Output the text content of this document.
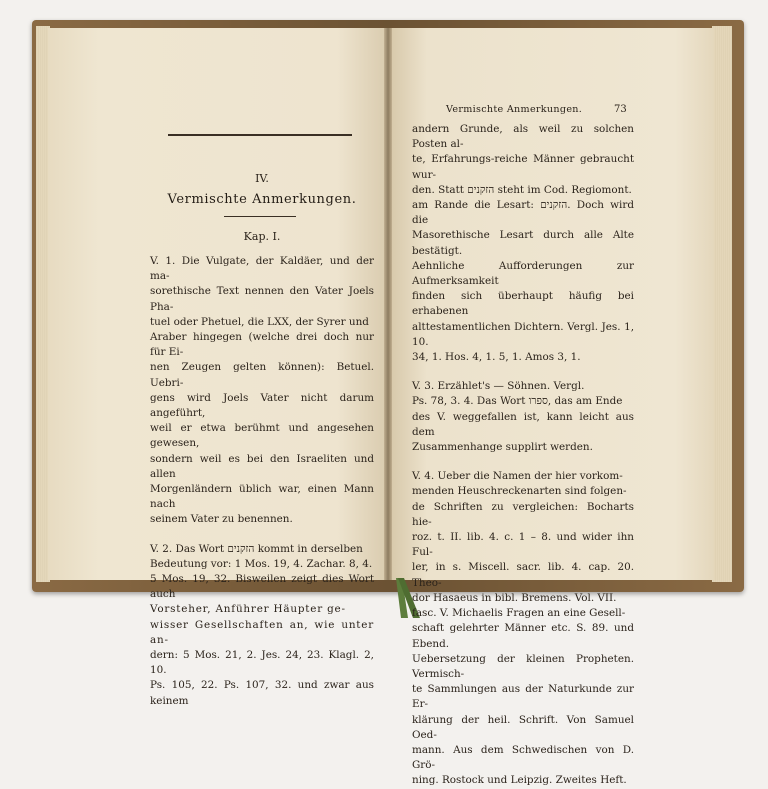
IV.
Vermischte Anmerkungen.
Kap. I.

V. 1. Die Vulgate, der Kaldäer, und der ma-

sorethische Text nennen den Vater Joels Pha-

tuel oder Phetuel, die LXX, der Syrer und

Araber hingegen (welche drei doch nur für Ei-

nen Zeugen gelten können): Betuel. Uebri-

gens wird Joels Vater nicht darum angeführt,

weil er etwa berühmt und angesehen gewesen,

sondern weil es bei den Israeliten und allen

Morgenländern üblich war, einen Mann nach

seinem Vater zu benennen.

V. 2. Das Wort הזקנים kommt in derselben

Bedeutung vor: 1 Mos. 19, 4. Zachar. 8, 4.

5 Mos. 19, 32. Bisweilen zeigt dies Wort auch

Vorsteher, Anführer Häupter ge-

wisser Gesellschaften an, wie unter an-

dern: 5 Mos. 21, 2. Jes. 24, 23. Klagl. 2, 10.

Ps. 105, 22. Ps. 107, 32. und zwar aus keinem

Vermischte Anmerkungen.	73

andern Grunde, als weil zu solchen Posten al-

te, Erfahrungs-reiche Männer gebraucht wur-

den. Statt הזקנים steht im Cod. Regiomont.

am Rande die Lesart: הזקנים. Doch wird die

Masorethische Lesart durch alle Alte bestätigt.

Aehnliche Aufforderungen zur Aufmerksamkeit

finden sich überhaupt häufig bei erhabenen

alttestamentlichen Dichtern. Vergl. Jes. 1, 10.

34, 1. Hos. 4, 1. 5, 1. Amos 3, 1.

V. 3. Erzählet's — Söhnen. Vergl.

Ps. 78, 3. 4. Das Wort ספרו, das am Ende

des V. weggefallen ist, kann leicht aus dem

Zusammenhange supplirt werden.

V. 4. Ueber die Namen der hier vorkom-

menden Heuschreckenarten sind folgen-

de Schriften zu vergleichen: Bocharts hie-

roz. t. II. lib. 4. c. 1 – 8. und wider ihn Ful-

ler, in s. Miscell. sacr. lib. 4. cap. 20. Theo-

dor Hasaeus in bibl. Bremens. Vol. VII.

fasc. V. Michaelis Fragen an eine Gesell-

schaft gelehrter Männer etc. S. 89. und Ebend.

Uebersetzung der kleinen Propheten. Vermisch-

te Sammlungen aus der Naturkunde zur Er-

klärung der heil. Schrift. Von Samuel Oed-

mann. Aus dem Schwedischen von D. Grö-

ning. Rostock und Leipzig. Zweites Heft.
